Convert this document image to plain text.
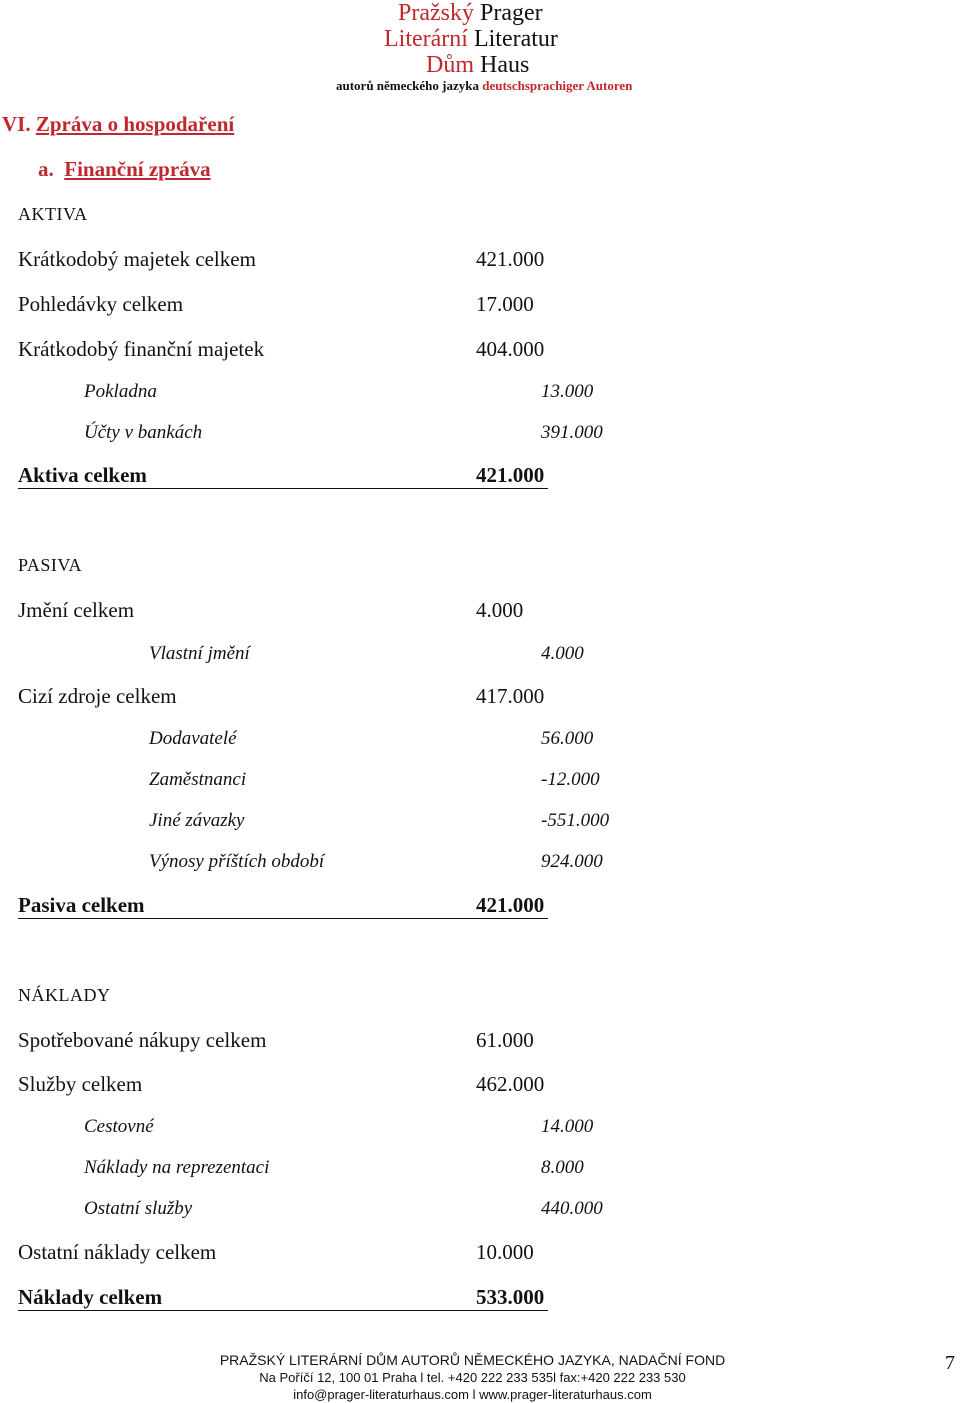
Pražský Prager
Literární Literatur
Dům Haus
autorů německého jazyka deutschsprachiger Autoren
VI. Zpráva o hospodaření
a. Finanční zpráva
AKTIVA
Krátkodobý majetek celkem	421.000
Pohledávky celkem	17.000
Krátkodobý finanční majetek	404.000
Pokladna	13.000
Účty v bankách	391.000
Aktiva celkem	421.000
PASIVA
Jmění celkem	4.000
Vlastní jmění	4.000
Cizí zdroje celkem	417.000
Dodavatelé	56.000
Zaměstnanci	-12.000
Jiné závazky	-551.000
Výnosy příštích období	924.000
Pasiva celkem	421.000
NÁKLADY
Spotřebované nákupy celkem	61.000
Služby celkem	462.000
Cestovné	14.000
Náklady na reprezentaci	8.000
Ostatní služby	440.000
Ostatní náklady celkem	10.000
Náklady celkem	533.000
PRAŽSKÝ LITERÁRNÍ DŮM AUTORŮ NĚMECKÉHO JAZYKA, NADAČNÍ FOND
Na Poříčí 12, 100 01 Praha l tel. +420 222 233 535l fax:+420 222 233 530
info@prager-literaturhaus.com l www.prager-literaturhaus.com
7
